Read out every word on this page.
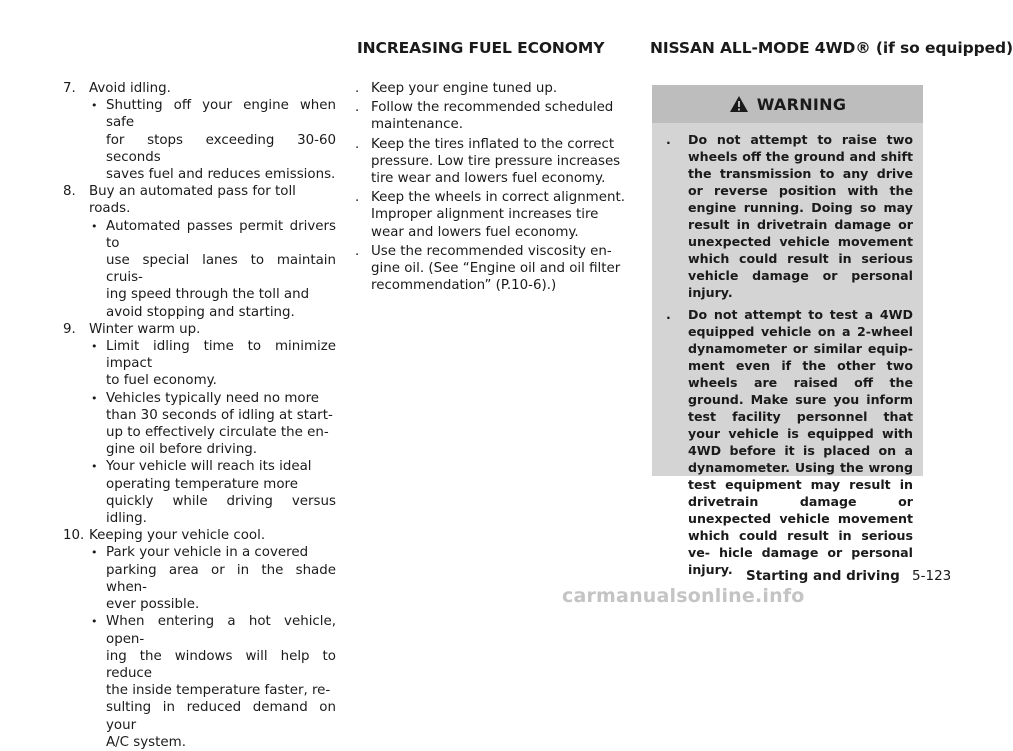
INCREASING FUEL ECONOMY	NISSAN ALL-MODE 4WD® (if so equipped)
7. Avoid idling.
• Shutting off your engine when safe
for stops exceeding 30-60 seconds
saves fuel and reduces emissions.
8. Buy an automated pass for toll roads.
• Automated passes permit drivers to
use special lanes to maintain cruis-
ing speed through the toll and
avoid stopping and starting.
9. Winter warm up.
• Limit idling time to minimize impact
to fuel economy.
• Vehicles typically need no more
than 30 seconds of idling at start-
up to effectively circulate the en-
gine oil before driving.
• Your vehicle will reach its ideal
operating temperature more
quickly while driving versus idling.
10. Keeping your vehicle cool.
• Park your vehicle in a covered
parking area or in the shade when-
ever possible.
• When entering a hot vehicle, open-
ing the windows will help to reduce
the inside temperature faster, re-
sulting in reduced demand on your
A/C system.
. Keep your engine tuned up.
. Follow the recommended scheduled
maintenance.
. Keep the tires inflated to the correct
pressure. Low tire pressure increases
tire wear and lowers fuel economy.
. Keep the wheels in correct alignment.
Improper alignment increases tire
wear and lowers fuel economy.
. Use the recommended viscosity en-
gine oil. (See “Engine oil and oil filter
recommendation” (P.10-6).)
WARNING
.	Do not attempt to raise two wheels off the ground and shift the transmission to any drive or reverse position with the engine running. Doing so may result in drivetrain damage or unexpected vehicle movement which could result in serious vehicle damage or personal injury.
.	Do not attempt to test a 4WD equipped vehicle on a 2-wheel dynamometer or similar equip- ment even if the other two wheels are raised off the ground. Make sure you inform test facility personnel that your vehicle is equipped with 4WD before it is placed on a dynamometer. Using the wrong test equipment may result in drivetrain damage or unexpected vehicle movement which could result in serious ve- hicle damage or personal injury. Starting and driving 5-123
carmanualsonline.info
